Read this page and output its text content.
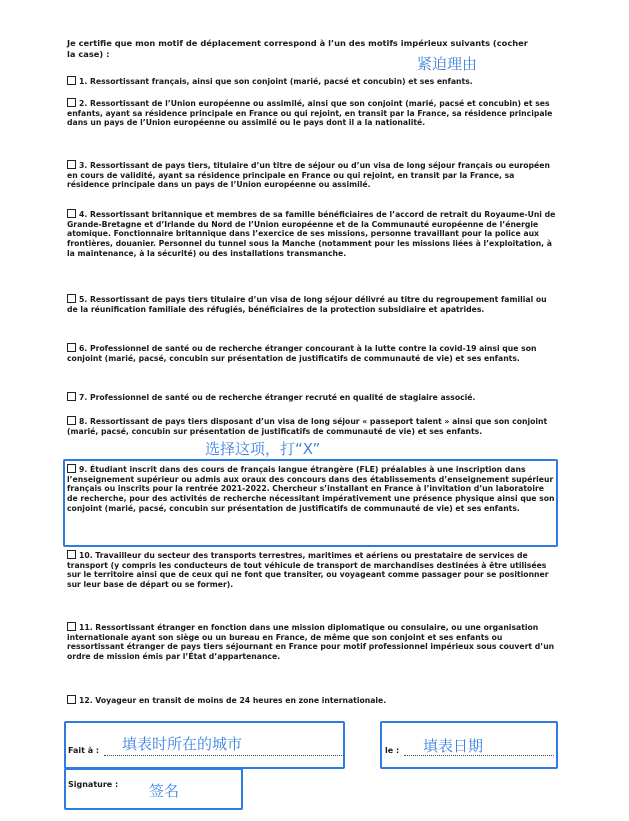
Je certifie que mon motif de déplacement correspond à l’un des motifs impérieux suivants (cocher la case) :
紧迫理由
1. Ressortissant français, ainsi que son conjoint (marié, pacsé et concubin) et ses enfants.
2. Ressortissant de l’Union européenne ou assimilé, ainsi que son conjoint (marié, pacsé et concubin) et ses enfants, ayant sa résidence principale en France ou qui rejoint, en transit par la France, sa résidence principale dans un pays de l’Union européenne ou assimilé ou le pays dont il a la nationalité.
3. Ressortissant de pays tiers, titulaire d’un titre de séjour ou d’un visa de long séjour français ou européen en cours de validité, ayant sa résidence principale en France ou qui rejoint, en transit par la France, sa résidence principale dans un pays de l’Union européenne ou assimilé.
4. Ressortissant britannique et membres de sa famille bénéficiaires de l’accord de retrait du Royaume-Uni de Grande-Bretagne et d’Irlande du Nord de l’Union européenne et de la Communauté européenne de l’énergie atomique. Fonctionnaire britannique dans l’exercice de ses missions, personne travaillant pour la police aux frontières, douanier. Personnel du tunnel sous la Manche (notamment pour les missions liées à l’exploitation, à la maintenance, à la sécurité) ou des installations transmanche.
5. Ressortissant de pays tiers titulaire d’un visa de long séjour délivré au titre du regroupement familial ou de la réunification familiale des réfugiés, bénéficiaires de la protection subsidiaire et apatrides.
6. Professionnel de santé ou de recherche étranger concourant à la lutte contre la covid-19 ainsi que son conjoint (marié, pacsé, concubin sur présentation de justificatifs de communauté de vie) et ses enfants.
7. Professionnel de santé ou de recherche étranger recruté en qualité de stagiaire associé.
8. Ressortissant de pays tiers disposant d’un visa de long séjour « passeport talent » ainsi que son conjoint (marié, pacsé, concubin sur présentation de justificatifs de communauté de vie) et ses enfants.
选择这项，打“X”
9. Étudiant inscrit dans des cours de français langue étrangère (FLE) préalables à une inscription dans l’enseignement supérieur ou admis aux oraux des concours dans des établissements d’enseignement supérieur français ou inscrits pour la rentrée 2021-2022. Chercheur s’installant en France à l’invitation d’un laboratoire de recherche, pour des activités de recherche nécessitant impérativement une présence physique ainsi que son conjoint (marié, pacsé, concubin sur présentation de justificatifs de communauté de vie) et ses enfants.
10. Travailleur du secteur des transports terrestres, maritimes et aériens ou prestataire de services de transport (y compris les conducteurs de tout véhicule de transport de marchandises destinées à être utilisées sur le territoire ainsi que de ceux qui ne font que transiter, ou voyageant comme passager pour se positionner sur leur base de départ ou se former).
11. Ressortissant étranger en fonction dans une mission diplomatique ou consulaire, ou une organisation internationale ayant son siège ou un bureau en France, de même que son conjoint et ses enfants ou ressortissant étranger de pays tiers séjournant en France pour motif professionnel impérieux sous couvert d’un ordre de mission émis par l’État d’appartenance.
12. Voyageur en transit de moins de 24 heures en zone internationale.
Fait à : 填表时所在的城市	le : 填表日期
Signature : 签名
